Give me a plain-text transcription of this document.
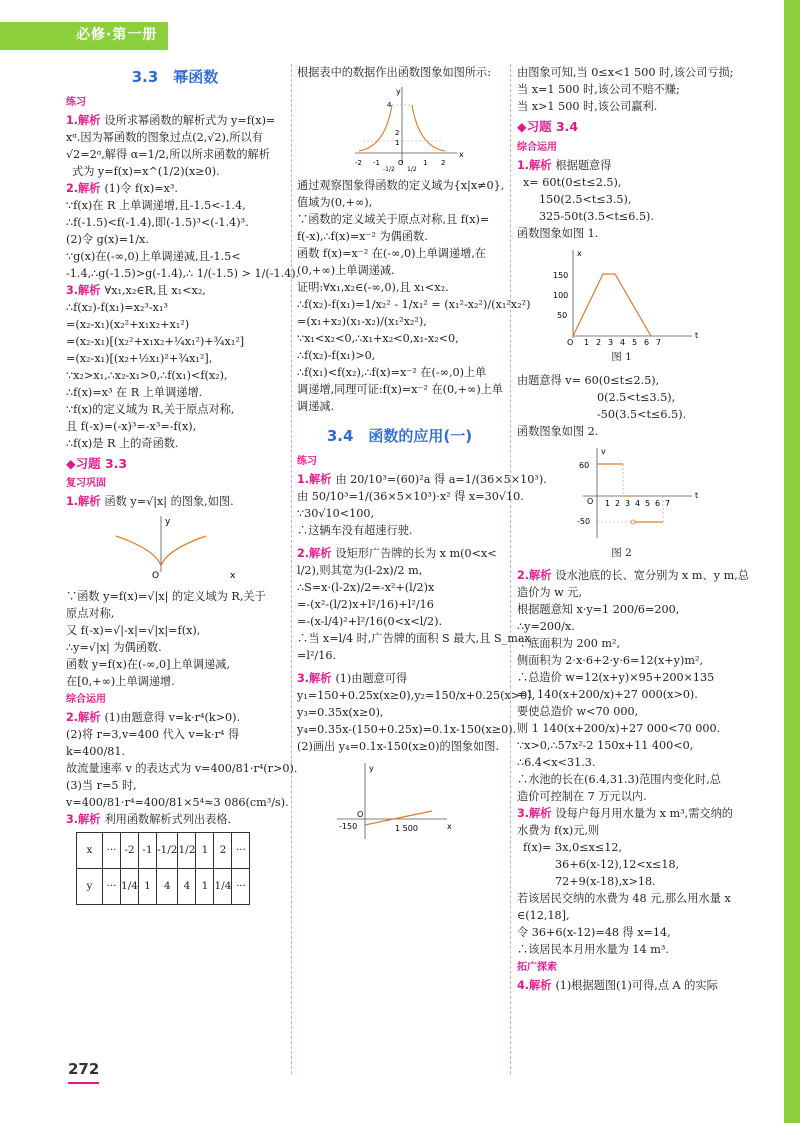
必修·第一册
3.3　幂函数
练习
1.解析 设所求幂函数的解析式为 y=f(x)=
xᵅ.因为幂函数的图象过点(2,√2),所以有
√2=2ᵅ,解得 α=1/2,所以所求函数的解析
式为 y=f(x)=x^(1/2)(x≥0).
2.解析 (1)令 f(x)=x³.
∵f(x)在 R 上单调递增,且-1.5<-1.4,
∴f(-1.5)<f(-1.4),即(-1.5)³<(-1.4)³.
(2)令 g(x)=1/x.
∵g(x)在(-∞,0)上单调递减,且-1.5<
-1.4,∴g(-1.5)>g(-1.4),∴ 1/(-1.5) > 1/(-1.4).
3.解析 ∀x₁,x₂∈R,且 x₁<x₂,
∴f(x₂)-f(x₁)=x₂³-x₁³
=(x₂-x₁)(x₂²+x₁x₂+x₁²)
=(x₂-x₁)[(x₂²+x₁x₂+¼x₁²)+¾x₁²]
=(x₂-x₁)[(x₂+½x₁)²+¾x₁²],
∵x₂>x₁,∴x₂-x₁>0,∴f(x₁)<f(x₂),
∴f(x)=x³ 在 R 上单调递增.
∵f(x)的定义域为 R,关于原点对称,
且 f(-x)=(-x)³=-x³=-f(x),
∴f(x)是 R 上的奇函数.
◆习题 3.3
复习巩固
1.解析 函数 y=√|x| 的图象,如图.
y
O	x
∵函数 y=f(x)=√|x| 的定义域为 R,关于
原点对称,
又 f(-x)=√|-x|=√|x|=f(x),
∴y=√|x| 为偶函数.
函数 y=f(x)在(-∞,0]上单调递减,
在[0,+∞)上单调递增.
综合运用
2.解析 (1)由题意得 v=k·r⁴(k>0).
(2)将 r=3,v=400 代入 v=k·r⁴ 得
k=400/81.
故流量速率 v 的表达式为 v=400/81·r⁴(r>0).
(3)当 r=5 时,
v=400/81·r⁴=400/81×5⁴≈3 086(cm³/s).
3.解析 利用函数解析式列出表格.
x	···	-2	-1	-1/2	1/2	1	2	···
y	···	1/4	1	4	4	1	1/4	···
根据表中的数据作出函数图象如图所示:
y
x
4
2
1
-2 -1
-1/2
O
1/2
1 2
通过观察图象得函数的定义域为{x|x≠0},
值域为(0,+∞),
∵函数的定义域关于原点对称,且 f(x)=
f(-x),∴f(x)=x⁻² 为偶函数.
函数 f(x)=x⁻² 在(-∞,0)上单调递增,在
(0,+∞)上单调递减.
证明:∀x₁,x₂∈(-∞,0),且 x₁<x₂.
∴f(x₂)-f(x₁)=1/x₂² - 1/x₁² = (x₁²-x₂²)/(x₁²x₂²)
=(x₁+x₂)(x₁-x₂)/(x₁²x₂²),
∵x₁<x₂<0,∴x₁+x₂<0,x₁-x₂<0,
∴f(x₂)-f(x₁)>0,
∴f(x₁)<f(x₂),∴f(x)=x⁻² 在(-∞,0)上单
调递增,同理可证:f(x)=x⁻² 在(0,+∞)上单
调递减.
3.4　函数的应用(一)
练习
1.解析 由 20/10³=(60)²a 得 a=1/(36×5×10³).
由 50/10³=1/(36×5×10³)·x² 得 x=30√10.
∵30√10<100,
∴这辆车没有超速行驶.
2.解析 设矩形广告牌的长为 x m(0<x<
l/2),则其宽为(l-2x)/2 m,
∴S=x·(l-2x)/2=-x²+(l/2)x
=-(x²-(l/2)x+l²/16)+l²/16
=-(x-l/4)²+l²/16(0<x<l/2).
∴当 x=l/4 时,广告牌的面积 S 最大,且 S_max
=l²/16.
3.解析 (1)由题意可得
y₁=150+0.25x(x≥0),y₂=150/x+0.25(x>0),
y₃=0.35x(x≥0),
y₄=0.35x-(150+0.25x)=0.1x-150(x≥0).
(2)画出 y₄=0.1x-150(x≥0)的图象如图.
y
x
O
-150	1 500
由图象可知,当 0≤x<1 500 时,该公司亏损;
当 x=1 500 时,该公司不赔不赚;
当 x>1 500 时,该公司赢利.
◆习题 3.4
综合运用
1.解析 根据题意得
x= 60t(0≤t≤2.5),
150(2.5<t≤3.5),
325-50t(3.5<t≤6.5).
函数图象如图 1.
x
t
150
100
50
O 1 2 3 4 5 6 7
图 1
由题意得 v= 60(0≤t≤2.5),
0(2.5<t≤3.5),
-50(3.5<t≤6.5).
函数图象如图 2.
v
t
60
O
-50
1 2 3 4 5 6 7
图 2
2.解析 设水池底的长、宽分别为 x m、y m,总
造价为 w 元,
根据题意知 x·y=1 200/6=200,
∴y=200/x.
∵底面积为 200 m²,
侧面积为 2·x·6+2·y·6=12(x+y)m²,
∴总造价 w=12(x+y)×95+200×135
=1 140(x+200/x)+27 000(x>0).
要使总造价 w<70 000,
则 1 140(x+200/x)+27 000<70 000.
∵x>0,∴57x²-2 150x+11 400<0,
∴6.4<x<31.3.
∴水池的长在(6.4,31.3)范围内变化时,总
造价可控制在 7 万元以内.
3.解析 设每户每月用水量为 x m³,需交纳的
水费为 f(x)元,则
f(x)= 3x,0≤x≤12,
36+6(x-12),12<x≤18,
72+9(x-18),x>18.
若该居民交纳的水费为 48 元,那么用水量 x
∈(12,18],
令 36+6(x-12)=48 得 x=14,
∴该居民本月用水量为 14 m³.
拓广探索
4.解析 (1)根据题图(1)可得,点 A 的实际
272
